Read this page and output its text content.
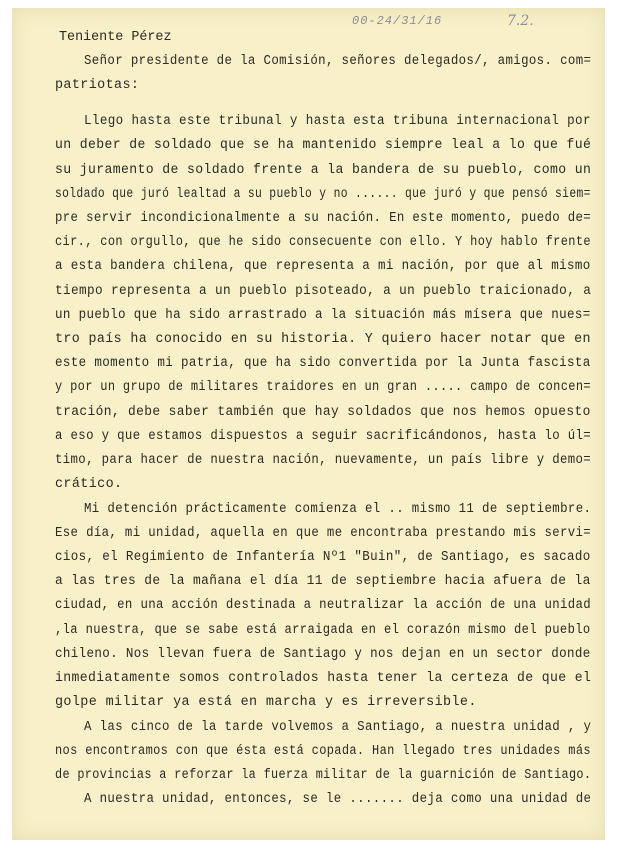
00-24/31/16	7.2.
Teniente Pérez
Señor presidente de la Comisión, señores delegados/, amigos. com=
patriotas:
Llego hasta este tribunal y hasta esta tribuna internacional por
un deber de soldado que se ha mantenido siempre leal a lo que fué
su juramento de soldado frente a la bandera de su pueblo, como un
soldado que juró lealtad a su pueblo y no ...... que juró y que pensó siem=
pre servir incondicionalmente a su nación. En este momento, puedo de=
cir., con orgullo, que he sido consecuente con ello. Y hoy hablo frente
a esta bandera chilena, que representa a mi nación, por que al mismo
tiempo representa a un pueblo pisoteado, a un pueblo traicionado, a
un pueblo que ha sido arrastrado a la situación más mísera que nues=
tro país ha conocido en su historia. Y quiero hacer notar que en
este momento mi patria, que ha sido convertida por la Junta fascista
y por un grupo de militares traidores en un gran ..... campo de concen=
tración, debe saber también que hay soldados que nos hemos opuesto
a eso y que estamos dispuestos a seguir sacrificándonos, hasta lo úl=
timo, para hacer de nuestra nación, nuevamente, un país libre y demo=
crático.
Mi detención prácticamente comienza el .. mismo 11 de septiembre.
Ese día, mi unidad, aquella en que me encontraba prestando mis servi=
cios, el Regimiento de Infantería Nº1 "Buin", de Santiago, es sacado
a las tres de la mañana el día 11 de septiembre hacia afuera de la
ciudad, en una acción destinada a neutralizar la acción de una unidad
,la nuestra, que se sabe está arraigada en el corazón mismo del pueblo
chileno. Nos llevan fuera de Santiago y nos dejan en un sector donde
inmediatamente somos controlados hasta tener la certeza de que el
golpe militar ya está en marcha y es irreversible.
A las cinco de la tarde volvemos a Santiago, a nuestra unidad , y
nos encontramos con que ésta está copada. Han llegado tres unidades más
de provincias a reforzar la fuerza militar de la guarnición de Santiago.
A nuestra unidad, entonces, se le ....... deja como una unidad de
